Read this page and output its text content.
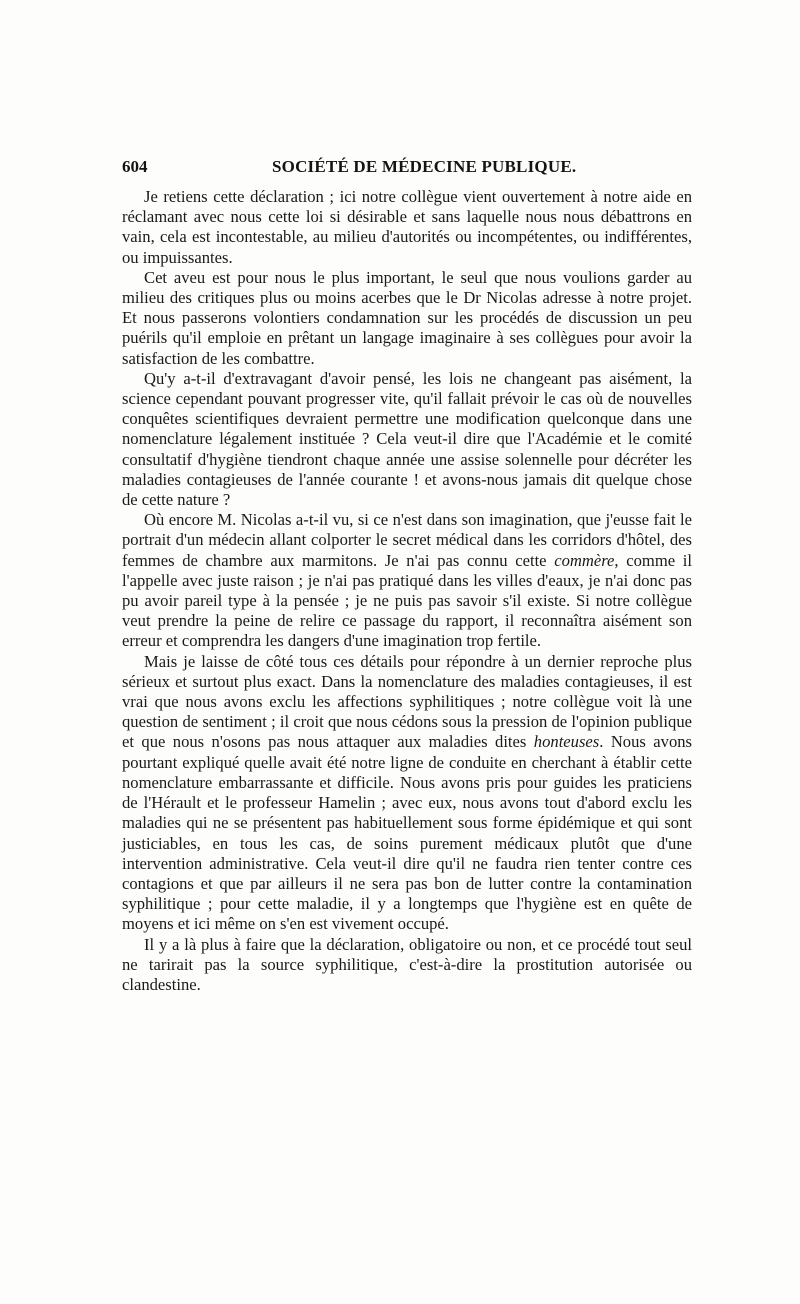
604	SOCIÉTÉ DE MÉDECINE PUBLIQUE.

Je retiens cette déclaration ; ici notre collègue vient ouvertement à notre aide en réclamant avec nous cette loi si désirable et sans laquelle nous nous débattrons en vain, cela est incontestable, au milieu d'autorités ou incompétentes, ou indifférentes, ou impuissantes.

Cet aveu est pour nous le plus important, le seul que nous voulions garder au milieu des critiques plus ou moins acerbes que le Dr Nicolas adresse à notre projet. Et nous passerons volontiers condamnation sur les procédés de discussion un peu puérils qu'il emploie en prêtant un langage imaginaire à ses collègues pour avoir la satisfaction de les combattre.

Qu'y a-t-il d'extravagant d'avoir pensé, les lois ne changeant pas aisément, la science cependant pouvant progresser vite, qu'il fallait prévoir le cas où de nouvelles conquêtes scientifiques devraient permettre une modification quelconque dans une nomenclature légalement instituée ? Cela veut-il dire que l'Académie et le comité consultatif d'hygiène tiendront chaque année une assise solennelle pour décréter les maladies contagieuses de l'année courante ! et avons-nous jamais dit quelque chose de cette nature ?

Où encore M. Nicolas a-t-il vu, si ce n'est dans son imagination, que j'eusse fait le portrait d'un médecin allant colporter le secret médical dans les corridors d'hôtel, des femmes de chambre aux marmitons. Je n'ai pas connu cette commère, comme il l'appelle avec juste raison ; je n'ai pas pratiqué dans les villes d'eaux, je n'ai donc pas pu avoir pareil type à la pensée ; je ne puis pas savoir s'il existe. Si notre collègue veut prendre la peine de relire ce passage du rapport, il reconnaîtra aisément son erreur et comprendra les dangers d'une imagination trop fertile.

Mais je laisse de côté tous ces détails pour répondre à un dernier reproche plus sérieux et surtout plus exact. Dans la nomenclature des maladies contagieuses, il est vrai que nous avons exclu les affections syphilitiques ; notre collègue voit là une question de sentiment ; il croit que nous cédons sous la pression de l'opinion publique et que nous n'osons pas nous attaquer aux maladies dites honteuses. Nous avons pourtant expliqué quelle avait été notre ligne de conduite en cherchant à établir cette nomenclature embarrassante et difficile. Nous avons pris pour guides les praticiens de l'Hérault et le professeur Hamelin ; avec eux, nous avons tout d'abord exclu les maladies qui ne se présentent pas habituellement sous forme épidémique et qui sont justiciables, en tous les cas, de soins purement médicaux plutôt que d'une intervention administrative. Cela veut-il dire qu'il ne faudra rien tenter contre ces contagions et que par ailleurs il ne sera pas bon de lutter contre la contamination syphilitique ; pour cette maladie, il y a longtemps que l'hygiène est en quête de moyens et ici même on s'en est vivement occupé.

Il y a là plus à faire que la déclaration, obligatoire ou non, et ce procédé tout seul ne tarirait pas la source syphilitique, c'est-à-dire la prostitution autorisée ou clandestine.
